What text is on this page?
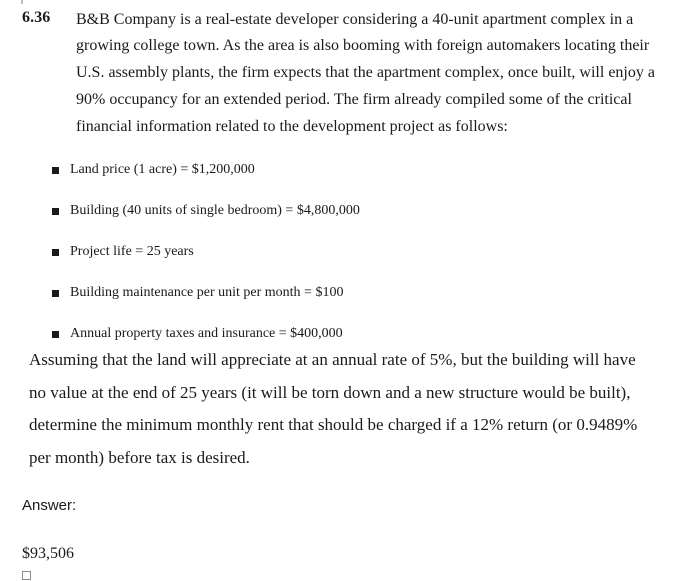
6.36 B&B Company is a real-estate developer considering a 40-unit apartment complex in a
growing college town. As the area is also booming with foreign automakers locating their
U.S. assembly plants, the firm expects that the apartment complex, once built, will enjoy a
90% occupancy for an extended period. The firm already compiled some of the critical
financial information related to the development project as follows:
Land price (1 acre) = $1,200,000
Building (40 units of single bedroom) = $4,800,000
Project life = 25 years
Building maintenance per unit per month = $100
Annual property taxes and insurance = $400,000
Assuming that the land will appreciate at an annual rate of 5%, but the building will have
no value at the end of 25 years (it will be torn down and a new structure would be built),
determine the minimum monthly rent that should be charged if a 12% return (or 0.9489%
per month) before tax is desired.
Answer:
$93,506
